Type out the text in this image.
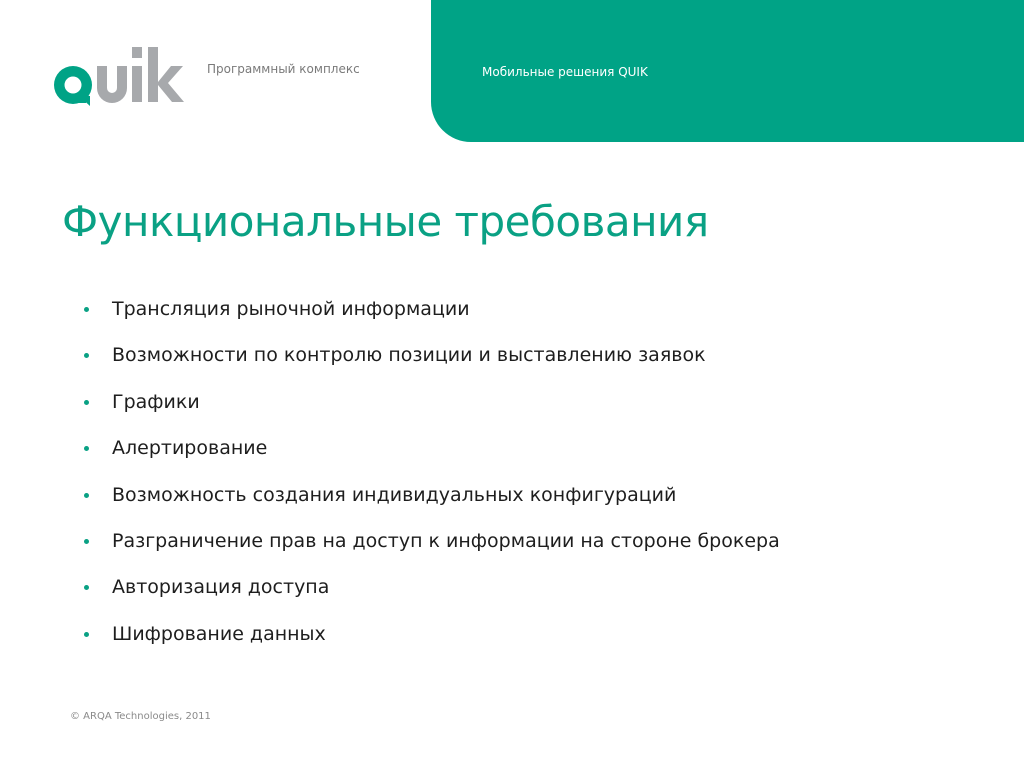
Программный комплекс	Мобильные решения QUIK
Функциональные требования
Трансляция рыночной информации
Возможности по контролю позиции и выставлению заявок
Графики
Алертирование
Возможность создания индивидуальных конфигураций
Разграничение прав на доступ к информации на стороне брокера
Авторизация доступа
Шифрование данных
© ARQA Technologies, 2011
